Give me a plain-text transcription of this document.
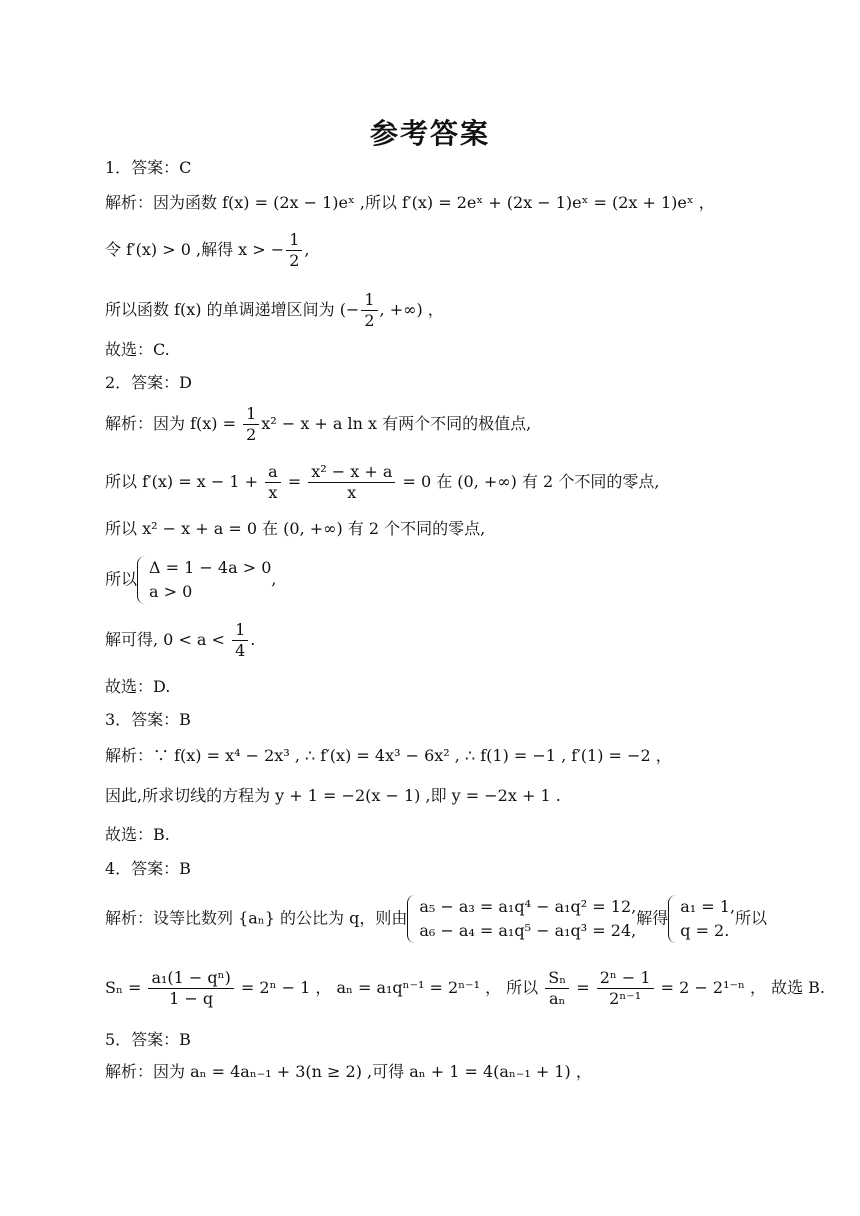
参考答案
1．答案：C
解析：因为函数 f(x) = (2x − 1)eˣ ,所以 f′(x) = 2eˣ + (2x − 1)eˣ = (2x + 1)eˣ ，
令 f′(x) > 0 ,解得 x > − $\frac{1}{2}$ ,
所以函数 f(x) 的单调递增区间为 (− $\frac{1}{2}$ , +∞) ，
故选：C.
2．答案：D
解析：因为 $f(x) = \frac{1}{2} x^2 - x + a$ ln x 有两个不同的极值点,
所以 $f'(x) = x - 1 + \frac{a}{x} = \frac{\text{x² − x + a}}{x} = 0$ 在 (0, +∞) 有 2 个不同的零点,
所以 x² − x + a = 0 在 (0, +∞) 有 2 个不同的零点,
所以
Δ = 1 − 4a > 0
a > 0
,
解可得, $0 < a < \frac{1}{4}$ .
故选：D.
3．答案：B
解析：∵ f(x) = x⁴ − 2x³ , ∴ f′(x) = 4x³ − 6x² , ∴ f(1) = −1 , f′(1) = −2 ，
因此,所求切线的方程为 y + 1 = −2(x − 1) ,即 y = −2x + 1 .
故选：B.
4．答案：B
解析：设等比数列 {aₙ} 的公比为 q，则由
a₅ − a₃ = a₁q⁴ − a₁q² = 12,
a₆ − a₄ = a₁q⁵ − a₁q³ = 24,
解得
a₁ = 1,
q = 2.
所以
$S_n = \frac{\text{a₁(1 − qⁿ)}}{1 - q} = 2^n - 1$ ， aₙ = a₁qⁿ⁻¹ = 2ⁿ⁻¹ ， 所以 $\frac{\text{Sₙ}}{\text{aₙ}} = \frac{\text{2ⁿ − 1}}{\text{2ⁿ⁻¹}} = 2 - 2^{1-n}$ ， 故选 B.
5．答案：B
解析：因为 aₙ = 4aₙ₋₁ + 3(n ≥ 2) ,可得 aₙ + 1 = 4(aₙ₋₁ + 1) ，
